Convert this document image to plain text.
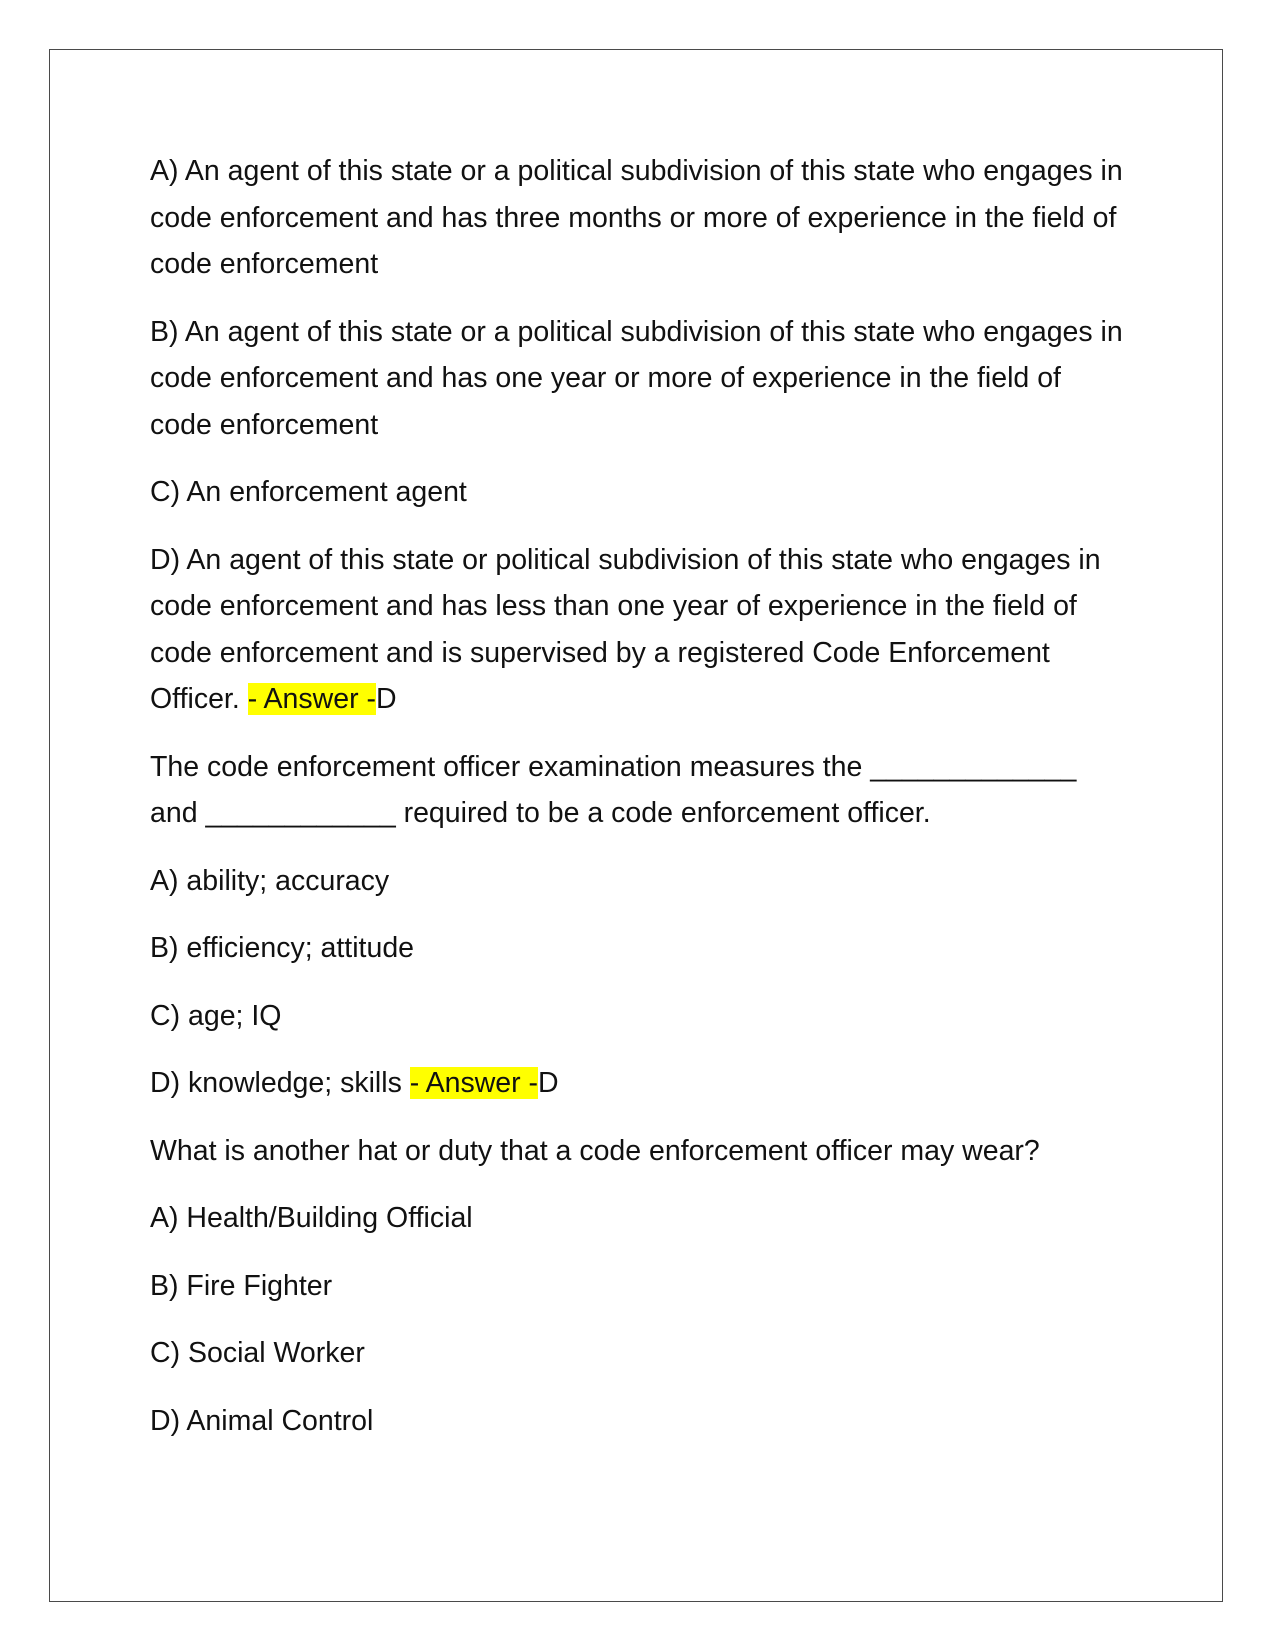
A) An agent of this state or a political subdivision of this state who engages in code enforcement and has three months or more of experience in the field of code enforcement

B) An agent of this state or a political subdivision of this state who engages in code enforcement and has one year or more of experience in the field of code enforcement

C) An enforcement agent

D) An agent of this state or political subdivision of this state who engages in code enforcement and has less than one year of experience in the field of code enforcement and is supervised by a registered Code Enforcement Officer. - Answer -D

The code enforcement officer examination measures the _____________ and ____________ required to be a code enforcement officer.

A) ability; accuracy

B) efficiency; attitude

C) age; IQ

D) knowledge; skills - Answer -D

What is another hat or duty that a code enforcement officer may wear?

A) Health/Building Official

B) Fire Fighter

C) Social Worker

D) Animal Control
